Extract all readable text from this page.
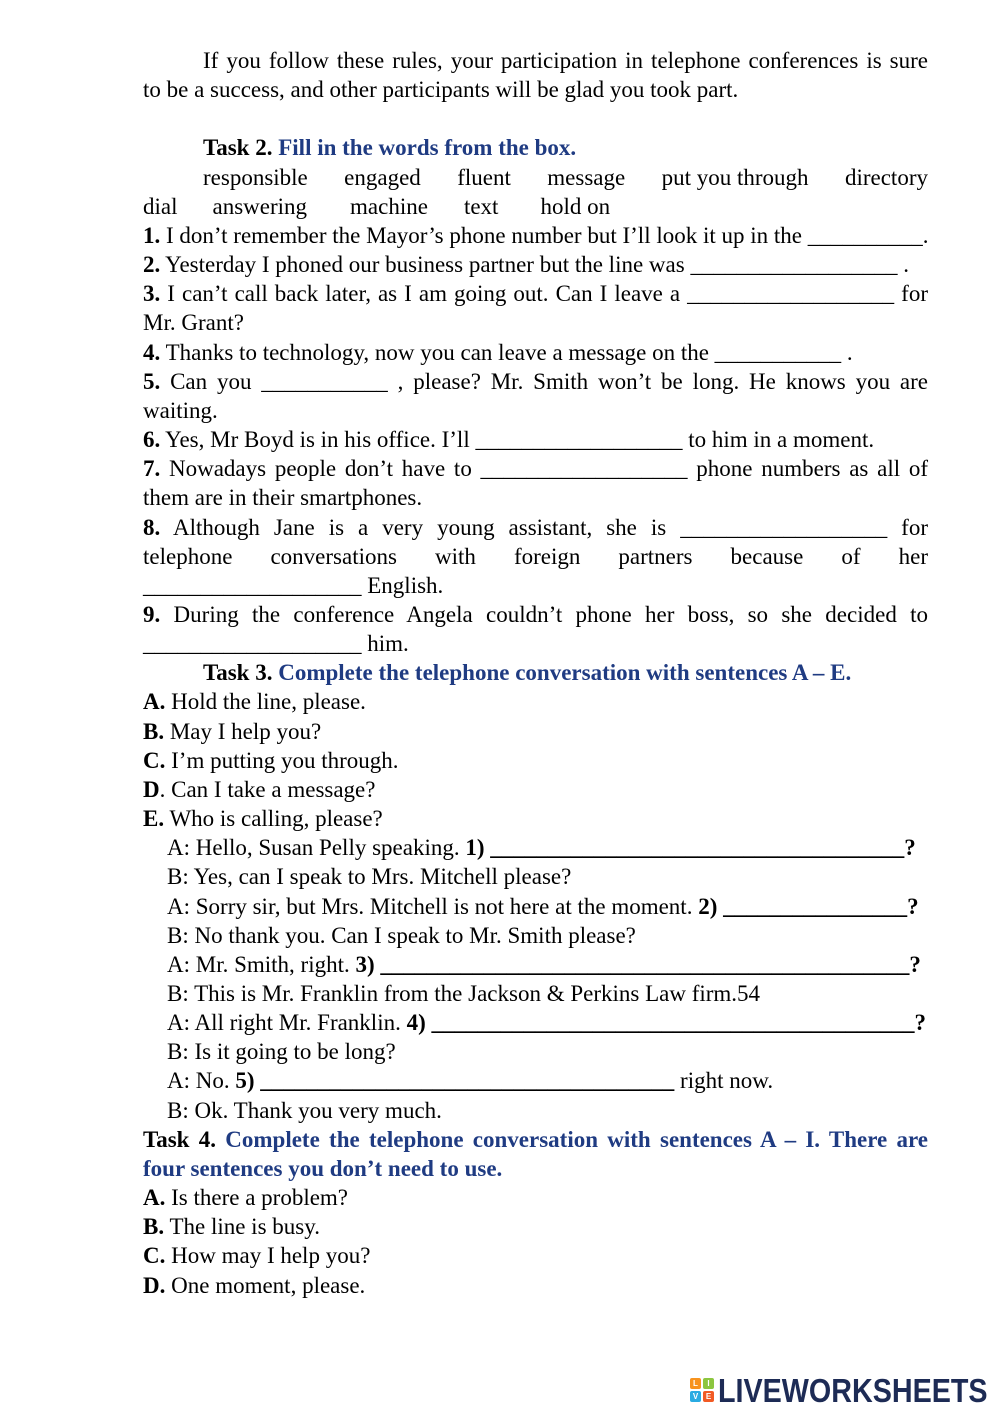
If you follow these rules, your participation in telephone conferences is sure
to be a success, and other participants will be glad you took part.
Task 2. Fill in the words from the box.
responsible engaged fluent message put you through directory
dial answering machine text hold on
1. I don’t remember the Mayor’s phone number but I’ll look it up in the __________.
2. Yesterday I phoned our business partner but the line was __________________ .
3. I can’t call back later, as I am going out. Can I leave a __________________ for
Mr. Grant?
4. Thanks to technology, now you can leave a message on the ___________ .
5. Can you ___________ , please? Mr. Smith won’t be long. He knows you are
waiting.
6. Yes, Mr Boyd is in his office. I’ll __________________ to him in a moment.
7. Nowadays people don’t have to __________________ phone numbers as all of
them are in their smartphones.
8. Although Jane is a very young assistant, she is __________________ for
telephone conversations with foreign partners because of her
___________________ English.
9. During the conference Angela couldn’t phone her boss, so she decided to
___________________ him.
Task 3. Complete the telephone conversation with sentences A – E.
A. Hold the line, please.
B. May I help you?
C. I’m putting you through.
D. Can I take a message?
E. Who is calling, please?
A: Hello, Susan Pelly speaking. 1) ____________________________________?
B: Yes, can I speak to Mrs. Mitchell please?
A: Sorry sir, but Mrs. Mitchell is not here at the moment. 2) ________________?
B: No thank you. Can I speak to Mr. Smith please?
A: Mr. Smith, right. 3) ______________________________________________?
B: This is Mr. Franklin from the Jackson & Perkins Law firm.54
A: All right Mr. Franklin. 4) __________________________________________?
B: Is it going to be long?
A: No. 5) ____________________________________ right now.
B: Ok. Thank you very much.
Task 4. Complete the telephone conversation with sentences A – I. There are
four sentences you don’t need to use.
A. Is there a problem?
B. The line is busy.
C. How may I help you?
D. One moment, please.
L	I
V E LIVEWORKSHEETS
